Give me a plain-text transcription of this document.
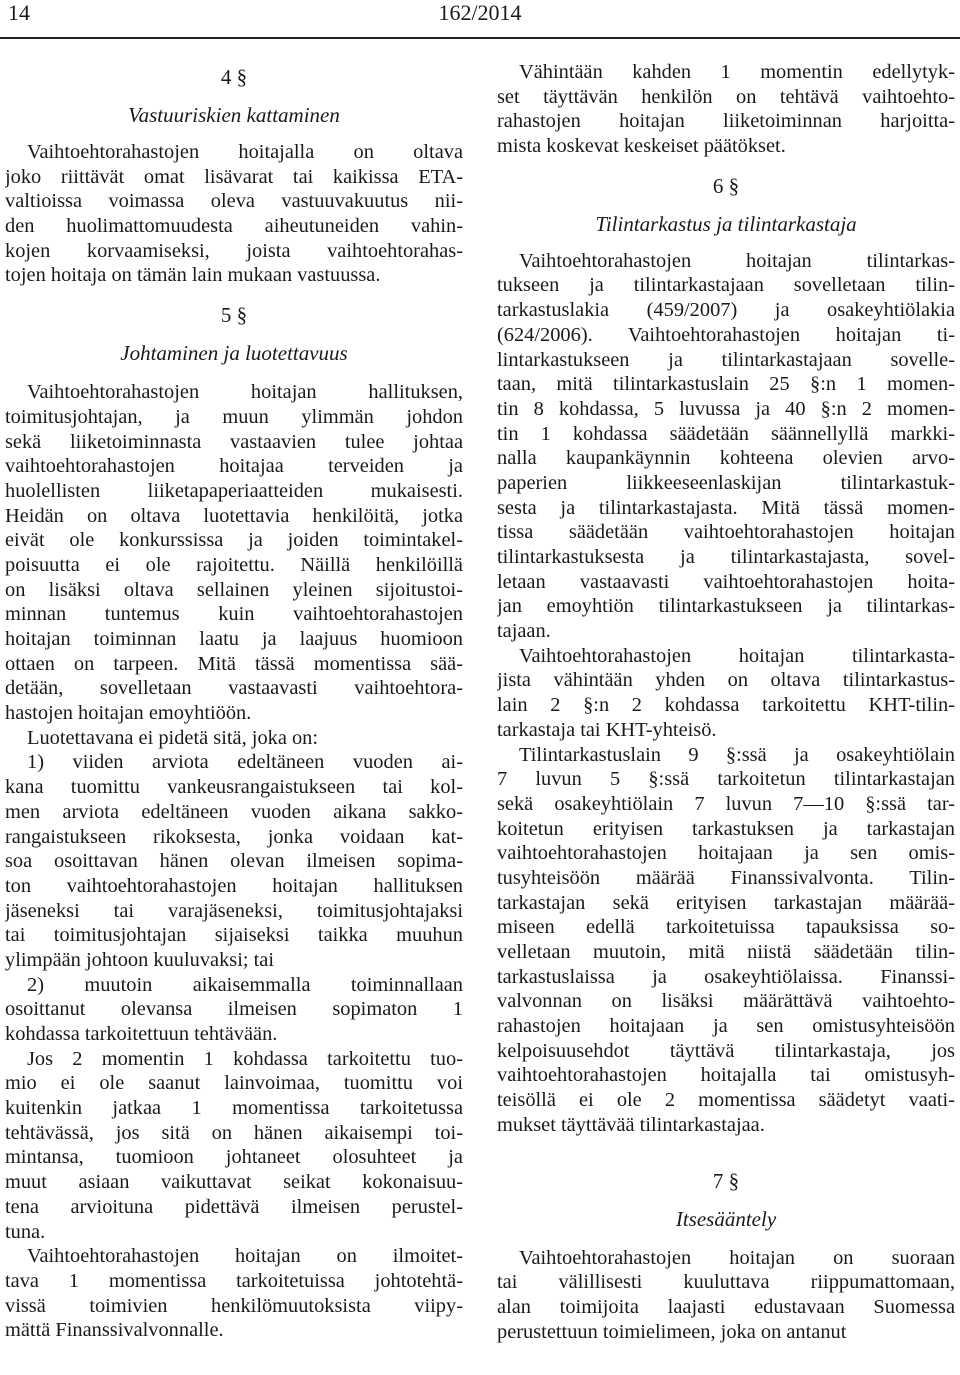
14	162/2014
4 §
Vastuuriskien kattaminen
Vaihtoehtorahastojen hoitajalla on oltava
joko riittävät omat lisävarat tai kaikissa ETA-
valtioissa voimassa oleva vastuuvakuutus nii-
den huolimattomuudesta aiheutuneiden vahin-
kojen korvaamiseksi, joista vaihtoehtorahas-
tojen hoitaja on tämän lain mukaan vastuussa.
5 §
Johtaminen ja luotettavuus
Vaihtoehtorahastojen hoitajan hallituksen,
toimitusjohtajan, ja muun ylimmän johdon
sekä liiketoiminnasta vastaavien tulee johtaa
vaihtoehtorahastojen hoitajaa terveiden ja
huolellisten liiketapaperiaatteiden mukaisesti.
Heidän on oltava luotettavia henkilöitä, jotka
eivät ole konkurssissa ja joiden toimintakel-
poisuutta ei ole rajoitettu. Näillä henkilöillä
on lisäksi oltava sellainen yleinen sijoitustoi-
minnan tuntemus kuin vaihtoehtorahastojen
hoitajan toiminnan laatu ja laajuus huomioon
ottaen on tarpeen. Mitä tässä momentissa sää-
detään, sovelletaan vastaavasti vaihtoehtora-
hastojen hoitajan emoyhtiöön.
Luotettavana ei pidetä sitä, joka on:
1) viiden arviota edeltäneen vuoden ai-
kana tuomittu vankeusrangaistukseen tai kol-
men arviota edeltäneen vuoden aikana sakko-
rangaistukseen rikoksesta, jonka voidaan kat-
soa osoittavan hänen olevan ilmeisen sopima-
ton vaihtoehtorahastojen hoitajan hallituksen
jäseneksi tai varajäseneksi, toimitusjohtajaksi
tai toimitusjohtajan sijaiseksi taikka muuhun
ylimpään johtoon kuuluvaksi; tai
2) muutoin aikaisemmalla toiminnallaan
osoittanut olevansa ilmeisen sopimaton 1
kohdassa tarkoitettuun tehtävään.
Jos 2 momentin 1 kohdassa tarkoitettu tuo-
mio ei ole saanut lainvoimaa, tuomittu voi
kuitenkin jatkaa 1 momentissa tarkoitetussa
tehtävässä, jos sitä on hänen aikaisempi toi-
mintansa, tuomioon johtaneet olosuhteet ja
muut asiaan vaikuttavat seikat kokonaisuu-
tena arvioituna pidettävä ilmeisen perustel-
tuna.
Vaihtoehtorahastojen hoitajan on ilmoitet-
tava 1 momentissa tarkoitetuissa johtotehtä-
vissä toimivien henkilömuutoksista viipy-
mättä Finanssivalvonnalle.
Vähintään kahden 1 momentin edellytyk-
set täyttävän henkilön on tehtävä vaihtoehto-
rahastojen hoitajan liiketoiminnan harjoitta-
mista koskevat keskeiset päätökset.
6 §
Tilintarkastus ja tilintarkastaja
Vaihtoehtorahastojen hoitajan tilintarkas-
tukseen ja tilintarkastajaan sovelletaan tilin-
tarkastuslakia (459/2007) ja osakeyhtiölakia
(624/2006). Vaihtoehtorahastojen hoitajan ti-
lintarkastukseen ja tilintarkastajaan sovelle-
taan, mitä tilintarkastuslain 25 §:n 1 momen-
tin 8 kohdassa, 5 luvussa ja 40 §:n 2 momen-
tin 1 kohdassa säädetään säännellyllä markki-
nalla kaupankäynnin kohteena olevien arvo-
paperien liikkeeseenlaskijan tilintarkastuk-
sesta ja tilintarkastajasta. Mitä tässä momen-
tissa säädetään vaihtoehtorahastojen hoitajan
tilintarkastuksesta ja tilintarkastajasta, sovel-
letaan vastaavasti vaihtoehtorahastojen hoita-
jan emoyhtiön tilintarkastukseen ja tilintarkas-
tajaan.
Vaihtoehtorahastojen hoitajan tilintarkasta-
jista vähintään yhden on oltava tilintarkastus-
lain 2 §:n 2 kohdassa tarkoitettu KHT-tilin-
tarkastaja tai KHT-yhteisö.
Tilintarkastuslain 9 §:ssä ja osakeyhtiölain
7 luvun 5 §:ssä tarkoitetun tilintarkastajan
sekä osakeyhtiölain 7 luvun 7—10 §:ssä tar-
koitetun erityisen tarkastuksen ja tarkastajan
vaihtoehtorahastojen hoitajaan ja sen omis-
tusyhteisöön määrää Finanssivalvonta. Tilin-
tarkastajan sekä erityisen tarkastajan määrää-
miseen edellä tarkoitetuissa tapauksissa so-
velletaan muutoin, mitä niistä säädetään tilin-
tarkastuslaissa ja osakeyhtiölaissa. Finanssi-
valvonnan on lisäksi määrättävä vaihtoehto-
rahastojen hoitajaan ja sen omistusyhteisöön
kelpoisuusehdot täyttävä tilintarkastaja, jos
vaihtoehtorahastojen hoitajalla tai omistusyh-
teisöllä ei ole 2 momentissa säädetyt vaati-
mukset täyttävää tilintarkastajaa.
7 §
Itsesääntely
Vaihtoehtorahastojen hoitajan on suoraan
tai välillisesti kuuluttava riippumattomaan,
alan toimijoita laajasti edustavaan Suomessa
perustettuun toimielimeen, joka on antanut
